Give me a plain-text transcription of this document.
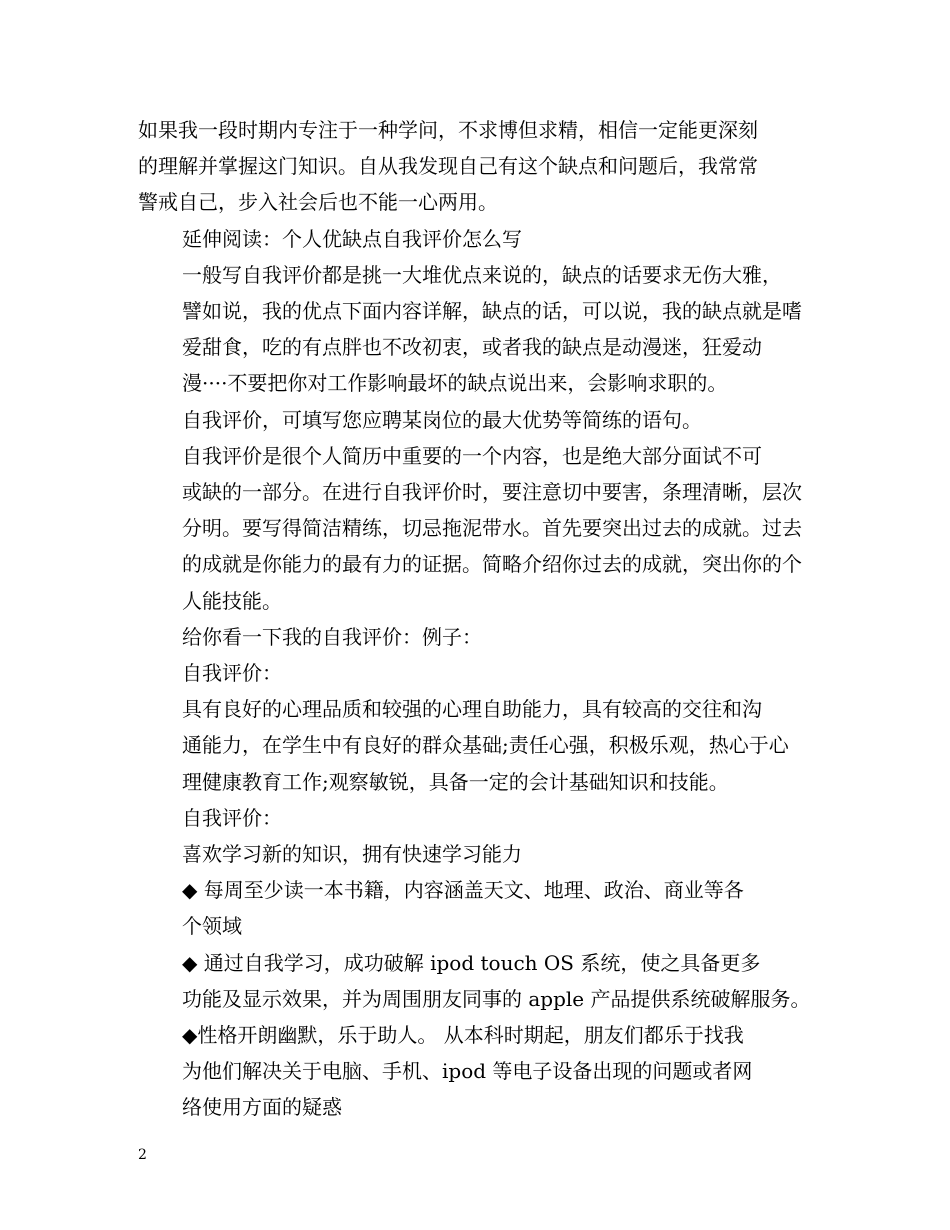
如果我一段时期内专注于一种学问，不求博但求精，相信一定能更深刻
的理解并掌握这门知识。自从我发现自己有这个缺点和问题后，我常常
警戒自己，步入社会后也不能一心两用。

延伸阅读：个人优缺点自我评价怎么写

一般写自我评价都是挑一大堆优点来说的，缺点的话要求无伤大雅，
譬如说，我的优点下面内容详解，缺点的话，可以说，我的缺点就是嗜
爱甜食，吃的有点胖也不改初衷，或者我的缺点是动漫迷，狂爱动
漫····不要把你对工作影响最坏的缺点说出来，会影响求职的。

自我评价，可填写您应聘某岗位的最大优势等简练的语句。

自我评价是很个人简历中重要的一个内容，也是绝大部分面试不可
或缺的一部分。在进行自我评价时，要注意切中要害，条理清晰，层次
分明。要写得简洁精练，切忌拖泥带水。首先要突出过去的成就。过去
的成就是你能力的最有力的证据。简略介绍你过去的成就，突出你的个
人能技能。

给你看一下我的自我评价：例子：

自我评价：

具有良好的心理品质和较强的心理自助能力，具有较高的交往和沟
通能力，在学生中有良好的群众基础;责任心强，积极乐观，热心于心
理健康教育工作;观察敏锐，具备一定的会计基础知识和技能。

自我评价：

喜欢学习新的知识，拥有快速学习能力

◆ 每周至少读一本书籍，内容涵盖天文、地理、政治、商业等各
个领域

◆ 通过自我学习，成功破解 ipod touch OS 系统，使之具备更多
功能及显示效果，并为周围朋友同事的 apple 产品提供系统破解服务。

◆性格开朗幽默，乐于助人。 从本科时期起，朋友们都乐于找我
为他们解决关于电脑、手机、ipod 等电子设备出现的问题或者网

络使用方面的疑惑

2
